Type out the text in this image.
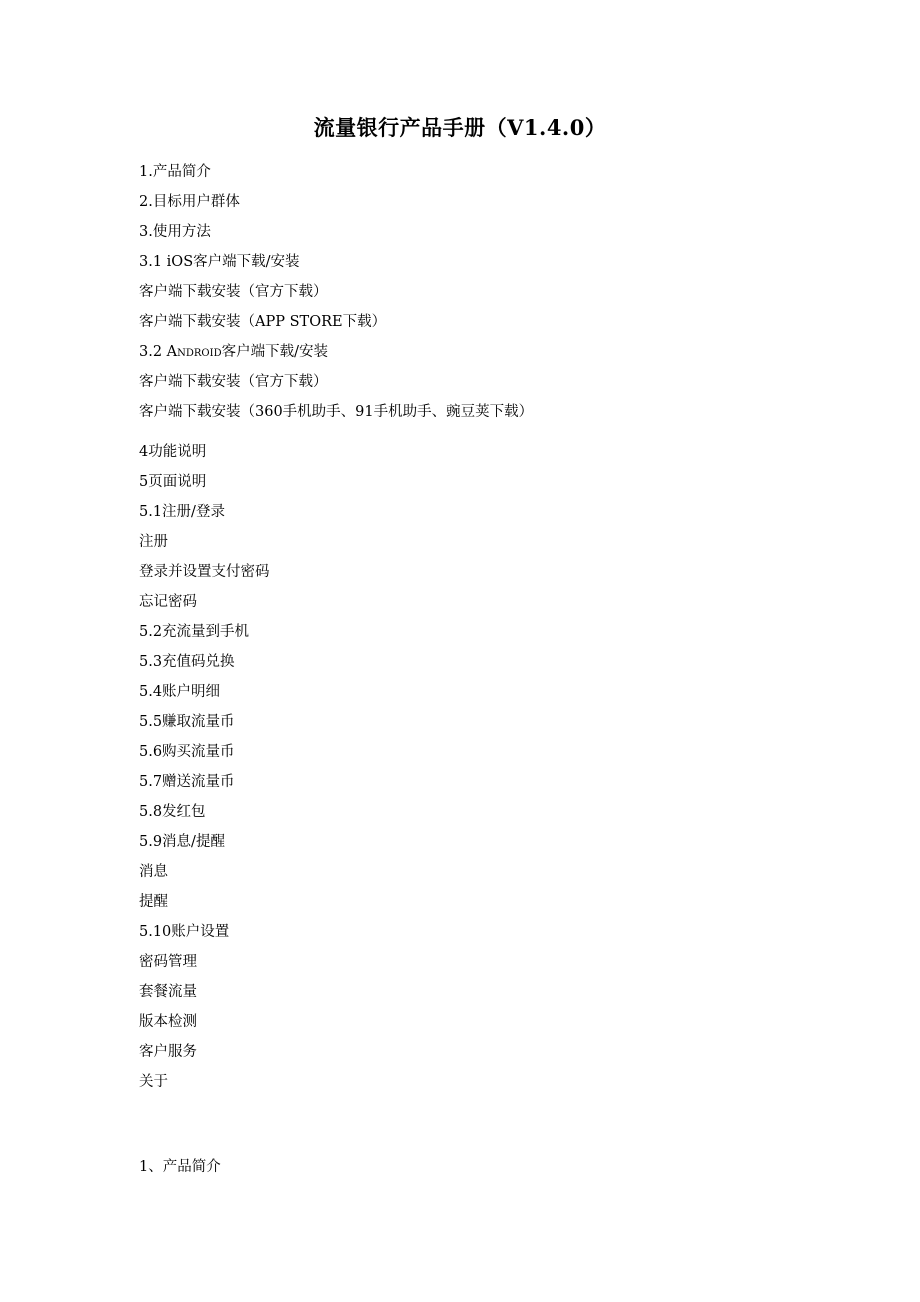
流量银行产品手册（V1.4.0）
1.产品简介
2.目标用户群体
3.使用方法
3.1 iOS客户端下载/安装
客户端下载安装（官方下载）
客户端下载安装（APP STORE下载）
3.2 Android客户端下载/安装
客户端下载安装（官方下载）
客户端下载安装（360手机助手、91手机助手、豌豆荚下载）
4功能说明
5页面说明
5.1注册/登录
注册
登录并设置支付密码
忘记密码
5.2充流量到手机
5.3充值码兑换
5.4账户明细
5.5赚取流量币
5.6购买流量币
5.7赠送流量币
5.8发红包
5.9消息/提醒
消息
提醒
5.10账户设置
密码管理
套餐流量
版本检测
客户服务
关于
1、产品简介
